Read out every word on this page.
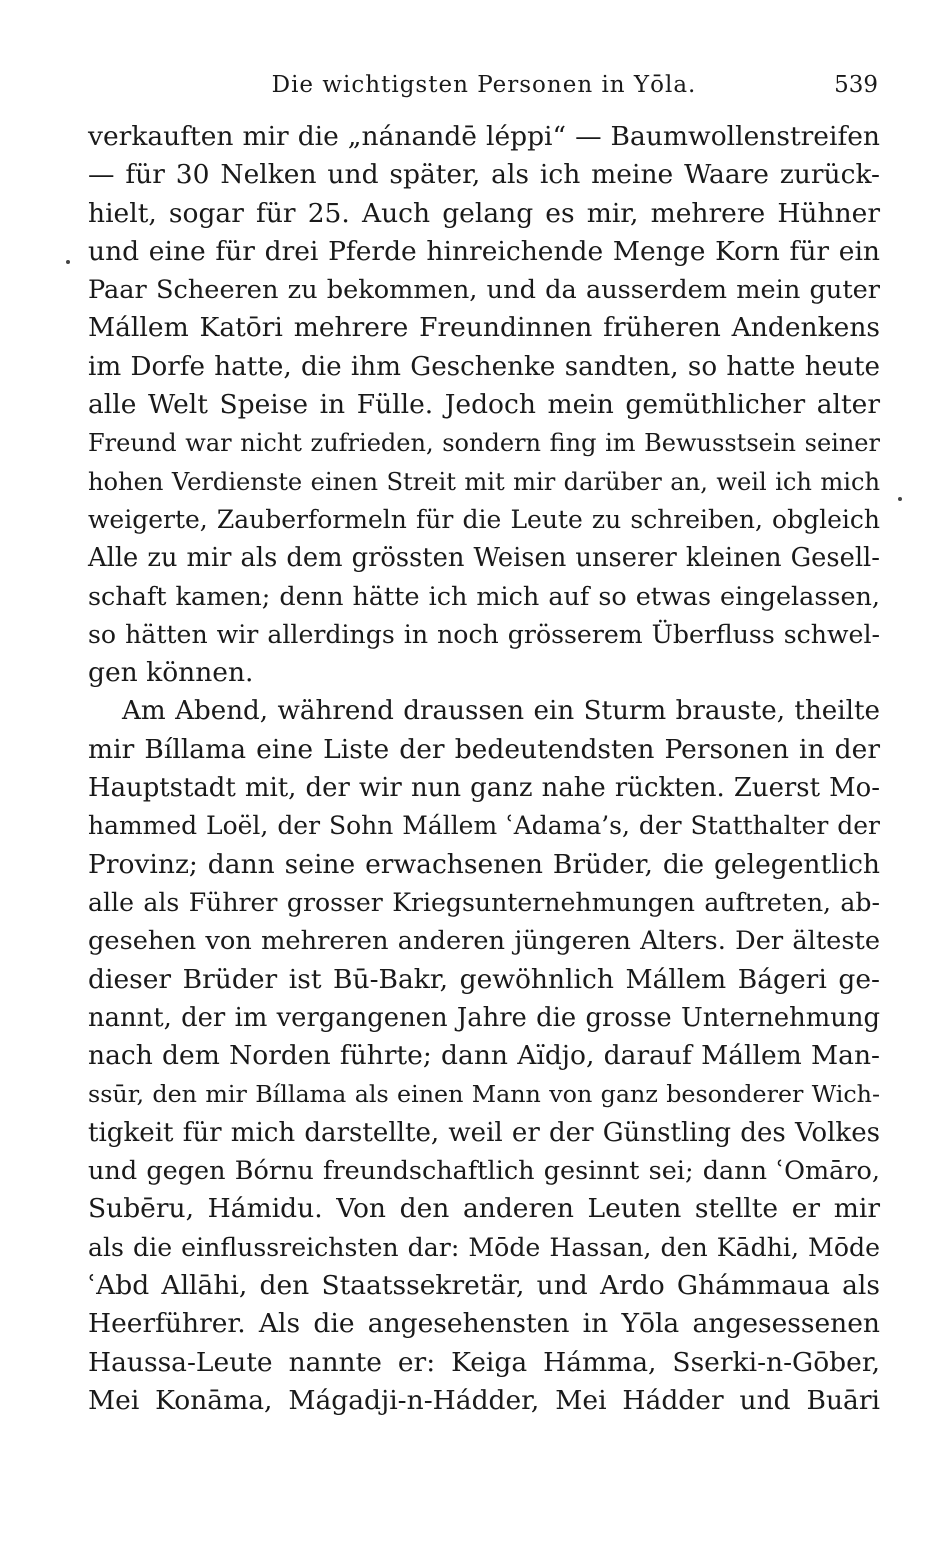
Die wichtigsten Personen in Yōla.	539
verkauften mir die „nánandē léppi“ — Baumwollenstreifen
— für 30 Nelken und später, als ich meine Waare zurück-
hielt, sogar für 25. Auch gelang es mir, mehrere Hühner
und eine für drei Pferde hinreichende Menge Korn für ein
Paar Scheeren zu bekommen, und da ausserdem mein guter
Mállem Katōri mehrere Freundinnen früheren Andenkens
im Dorfe hatte, die ihm Geschenke sandten, so hatte heute
alle Welt Speise in Fülle. Jedoch mein gemüthlicher alter
Freund war nicht zufrieden, sondern fing im Bewusstsein seiner
hohen Verdienste einen Streit mit mir darüber an, weil ich mich
weigerte, Zauberformeln für die Leute zu schreiben, obgleich
Alle zu mir als dem grössten Weisen unserer kleinen Gesell-
schaft kamen; denn hätte ich mich auf so etwas eingelassen,
so hätten wir allerdings in noch grösserem Überfluss schwel-
gen können.
Am Abend, während draussen ein Sturm brauste, theilte
mir Bíllama eine Liste der bedeutendsten Personen in der
Hauptstadt mit, der wir nun ganz nahe rückten. Zuerst Mo-
hammed Loël, der Sohn Mállem ʿAdama’s, der Statthalter der
Provinz; dann seine erwachsenen Brüder, die gelegentlich
alle als Führer grosser Kriegsunternehmungen auftreten, ab-
gesehen von mehreren anderen jüngeren Alters. Der älteste
dieser Brüder ist Bū-Bakr, gewöhnlich Mállem Bágeri ge-
nannt, der im vergangenen Jahre die grosse Unternehmung
nach dem Norden führte; dann Aïdjo, darauf Mállem Man-
ssūr, den mir Bíllama als einen Mann von ganz besonderer Wich-
tigkeit für mich darstellte, weil er der Günstling des Volkes
und gegen Bórnu freundschaftlich gesinnt sei; dann ʿOmāro,
Subēru, Hámidu. Von den anderen Leuten stellte er mir
als die einflussreichsten dar: Mōde Hassan, den Kādhi, Mōde
ʿAbd Allāhi, den Staatssekretär, und Ardo Ghámmaua als
Heerführer. Als die angesehensten in Yōla angesessenen
Haussa-Leute nannte er: Keiga Hámma, Sserki-n-Gōber,
Mei Konāma, Mágadji-n-Hádder, Mei Hádder und Buāri
